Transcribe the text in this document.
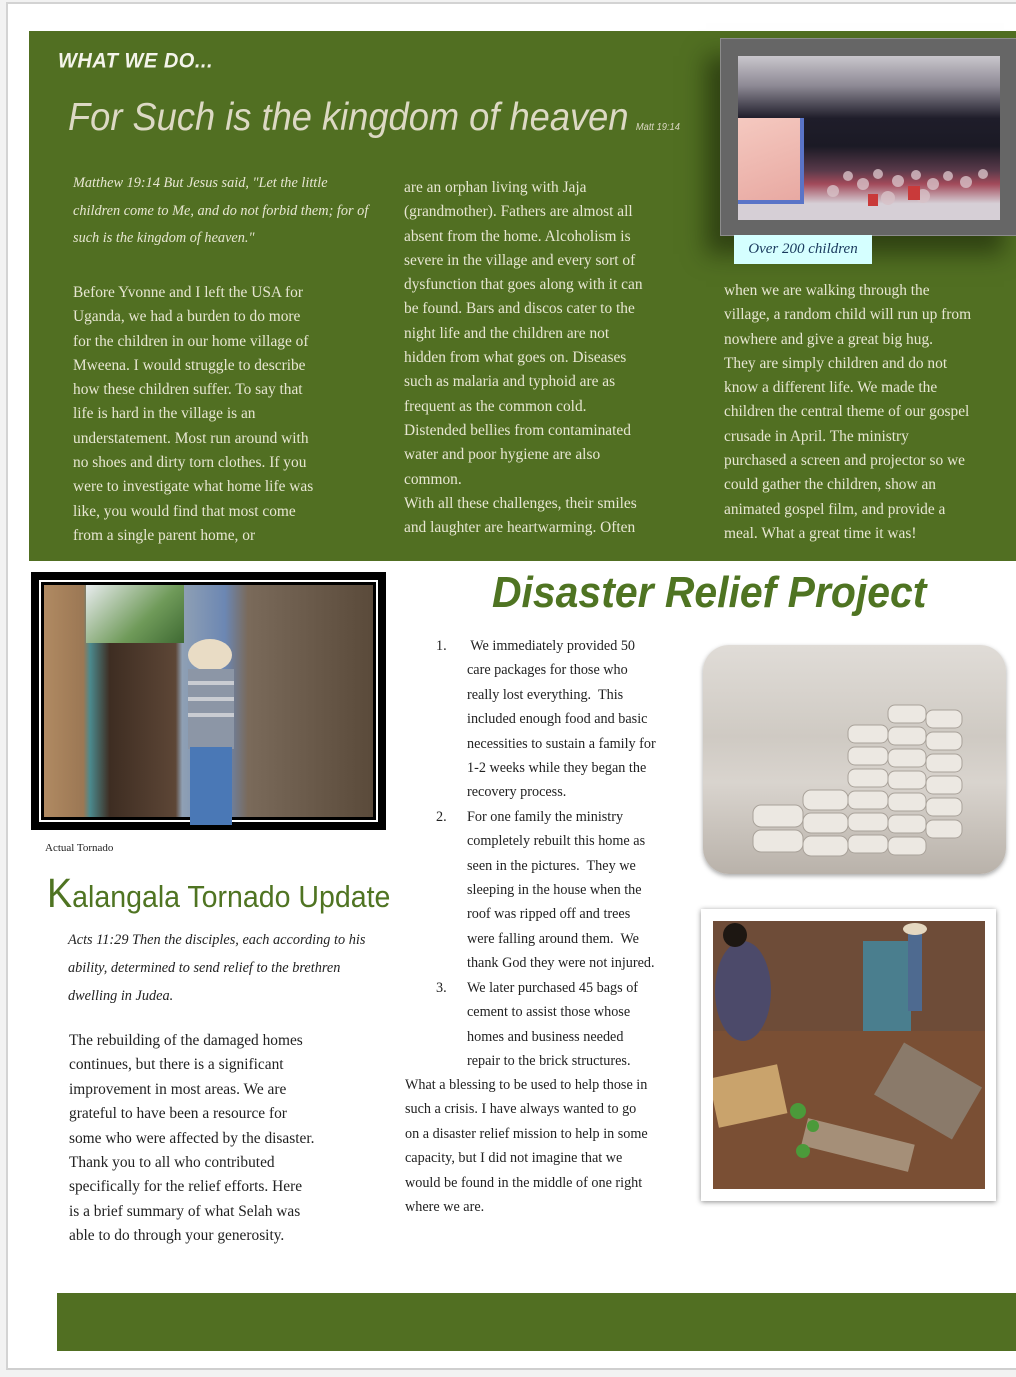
WHAT WE DO...
For Such is the kingdom of heaven Matt 19:14
Matthew 19:14 But Jesus said, "Let the little children come to Me, and do not forbid them; for of such is the kingdom of heaven."
Before Yvonne and I left the USA for
Uganda, we had a burden to do more
for the children in our home village of
Mweena. I would struggle to describe
how these children suffer. To say that
life is hard in the village is an
understatement. Most run around with
no shoes and dirty torn clothes. If you
were to investigate what home life was
like, you would find that most come
from a single parent home, or
are an orphan living with Jaja
(grandmother). Fathers are almost all
absent from the home. Alcoholism is
severe in the village and every sort of
dysfunction that goes along with it can
be found. Bars and discos cater to the
night life and the children are not
hidden from what goes on. Diseases
such as malaria and typhoid are as
frequent as the common cold.
Distended bellies from contaminated
water and poor hygiene are also
common.
With all these challenges, their smiles
and laughter are heartwarming. Often
when we are walking through the
village, a random child will run up from
nowhere and give a great big hug.
They are simply children and do not
know a different life. We made the
children the central theme of our gospel
crusade in April. The ministry
purchased a screen and projector so we
could gather the children, show an
animated gospel film, and provide a
meal. What a great time it was!
Over 200 children
Actual Tornado
Kalangala Tornado Update
Acts 11:29 Then the disciples, each according to his ability, determined to send relief to the brethren dwelling in Judea.
The rebuilding of the damaged homes
continues, but there is a significant
improvement in most areas. We are
grateful to have been a resource for
some who were affected by the disaster.
Thank you to all who contributed
specifically for the relief efforts. Here
is a brief summary of what Selah was
able to do through your generosity.
Disaster Relief Project
1. We immediately provided 50
care packages for those who
really lost everything.  This
included enough food and basic
necessities to sustain a family for
1-2 weeks while they began the
recovery process.
2. For one family the ministry
completely rebuilt this home as
seen in the pictures.  They we
sleeping in the house when the
roof was ripped off and trees
were falling around them.  We
thank God they were not injured.
3. We later purchased 45 bags of
cement to assist those whose
homes and business needed
repair to the brick structures.
What a blessing to be used to help those in
such a crisis. I have always wanted to go
on a disaster relief mission to help in some
capacity, but I did not imagine that we
would be found in the middle of one right
where we are.
